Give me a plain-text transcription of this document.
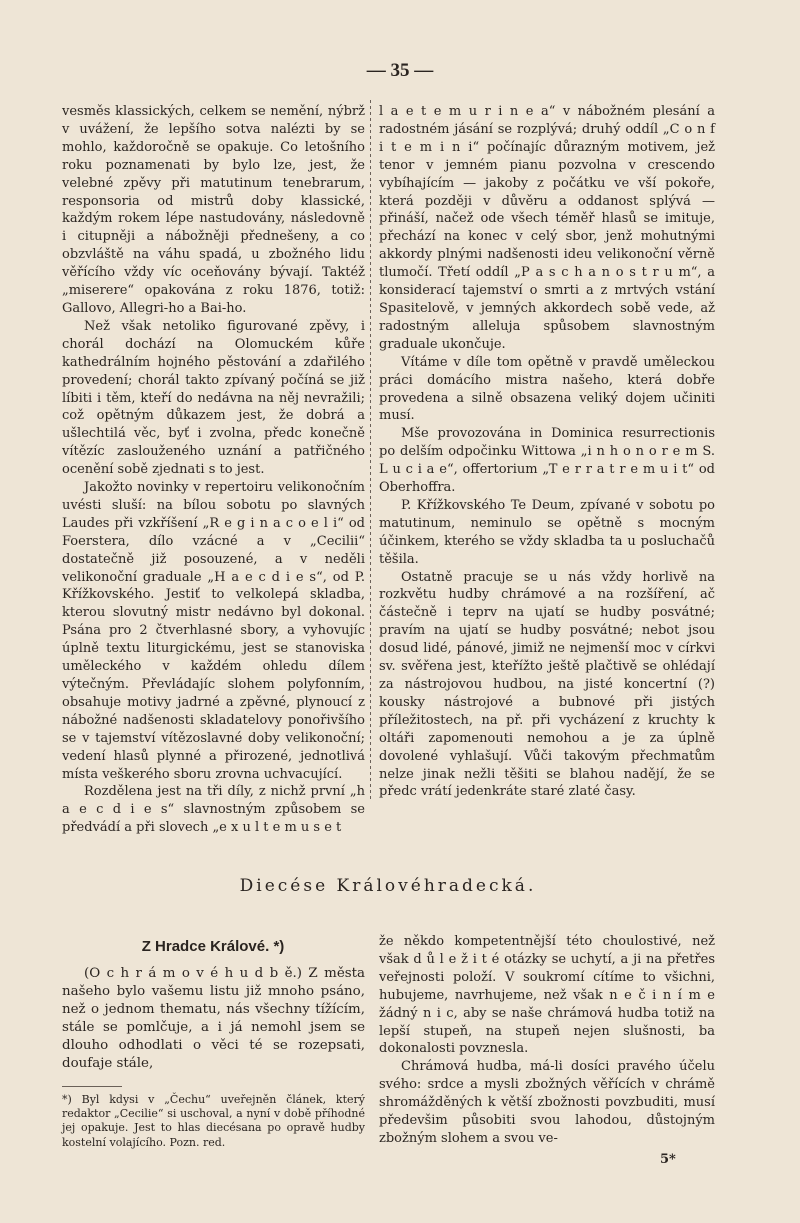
— 35 —

vesměs klassických, celkem se nemění, nýbrž v uvážení, že lepšího sotva nalézti by se mohlo, každoročně se opakuje. Co letošního roku poznamenati by bylo lze, jest, že velebné zpěvy při matutinum tenebrarum, responsoria od mistrů doby klassické, každým rokem lépe nastudovány, následovně i citupněji a nábožněji přednešeny, a co obzvláště na váhu spadá, u zbožného lidu věřícího vždy víc oceňovány bývají. Taktéž „miserere“ opakována z roku 1876, totiž: Gallovo, Allegri-ho a Bai-ho.

Než však netoliko figurované zpěvy, i chorál dochází na Olomuckém kůře kathedrálním hojného pěstování a zdařilého provedení; chorál takto zpívaný počíná se již líbiti i těm, kteří do nedávna na něj nevražili; což opětným důkazem jest, že dobrá a ušlechtilá věc, byť i zvolna, předc konečně vítězíc zaslouženého uznání a patřičného ocenění sobě zjednati s to jest.

Jakožto novinky v repertoiru velikonočním uvésti sluší: na bílou sobotu po slavných Laudes při vzkříšení „R e g i n a c o e l i“ od Foerstera, dílo vzácné a v „Cecilii“ dostatečně již posouzené, a v neděli velikonoční graduale „H a e c d i e s“, od P. Křížkovského. Jestiť to velkolepá skladba, kterou slovutný mistr nedávno byl dokonal. Psána pro 2 čtverhlasné sbory, a vyhovujíc úplně textu liturgickému, jest se stanoviska uměleckého v každém ohledu dílem výtečným. Převládajíc slohem polyfonním, obsahuje motivy jadrné a zpěvné, plynoucí z nábožné nadšenosti skladatelovy ponořivšího se v tajemství vítězoslavné doby velikonoční; vedení hlasů plynné a přirozené, jednotlivá místa veškerého sboru zrovna uchvacující.

Rozdělena jest na tři díly, z nichž první „h a e c d i e s“ slavnostným způsobem se předvádí a při slovech „e x u l t e m u s e t

l a e t e m u r i n e a“ v nábožném plesání a radostném jásání se rozplývá; druhý oddíl „C o n f i t e m i n i“ počínajíc důrazným motivem, jež tenor v jemném pianu pozvolna v crescendo vybíhajícím — jakoby z počátku ve vší pokoře, která později v důvěru a oddanost splývá — přináší, načež ode všech téměř hlasů se imituje, přechází na konec v celý sbor, jenž mohutnými akkordy plnými nadšenosti ideu velikonoční věrně tlumočí. Třetí oddíl „P a s c h a n o s t r u m“, a konsiderací tajemství o smrti a z mrtvých vstání Spasitelově, v jemných akkordech sobě vede, až radostným alleluja spůsobem slavnostným graduale ukončuje.

Vítáme v díle tom opětně v pravdě uměleckou práci domácího mistra našeho, která dobře provedena a silně obsazena veliký dojem učiniti musí.

Mše provozována in Dominica resurrectionis po delším odpočinku Wittowa „i n h o n o r e m S. L u c i a e“, offertorium „T e r r a t r e m u i t“ od Oberhoffra.

P. Křížkovského Te Deum, zpívané v sobotu po matutinum, neminulo se opětně s mocným účinkem, kterého se vždy skladba ta u posluchačů těšila.

Ostatně pracuje se u nás vždy horlivě na rozkvětu hudby chrámové a na rozšíření, ač částečně i teprv na ujatí se hudby posvátné; pravím na ujatí se hudby posvátné; nebot jsou dosud lidé, pánové, jimiž ne nejmenší moc v církvi sv. svěřena jest, kteřížto ještě plačtivě se ohlédají za nástrojovou hudbou, na jisté koncertní (?) kousky nástrojové a bubnové při jistých příležitostech, na př. při vycházení z kruchty k oltáři zapomenouti nemohou a je za úplně dovolené vyhlašují. Vůči takovým přechmatům nelze jinak nežli těšiti se blahou nadějí, že se předc vrátí jedenkráte staré zlaté časy.

Diecése Královéhradecká.
Z Hradce Králové. *)

(O c h r á m o v é h u d b ě.) Z města našeho bylo vašemu listu již mnoho psáno, než o jednom thematu, nás všechny tížícím, stále se pomlčuje, a i já nemohl jsem se dlouho odhodlati o věci té se rozepsati, doufaje stále,

*) Byl kdysi v „Čechu“ uveřejněn článek, který redaktor „Cecilie“ si uschoval, a nyní v době příhodné jej opakuje. Jest to hlas diecésana po opravě hudby kostelní volajícího. Pozn. red.

že někdo kompetentnější této choulostivé, než však d ů l e ž i t é otázky se uchytí, a ji na přetřes veřejnosti položí. V soukromí cítíme to všichni, hubujeme, navrhujeme, než však n e č i n í m e žádný n i c, aby se naše chrámová hudba totiž na lepší stupeň, na stupeň nejen slušnosti, ba dokonalosti povznesla.

Chrámová hudba, má-li dosíci pravého účelu svého: srdce a mysli zbožných věřících v chrámě shromážděných k větší zbožnosti povzbuditi, musí předevšim působiti svou lahodou, důstojným zbožným slohem a svou ve-

5*
